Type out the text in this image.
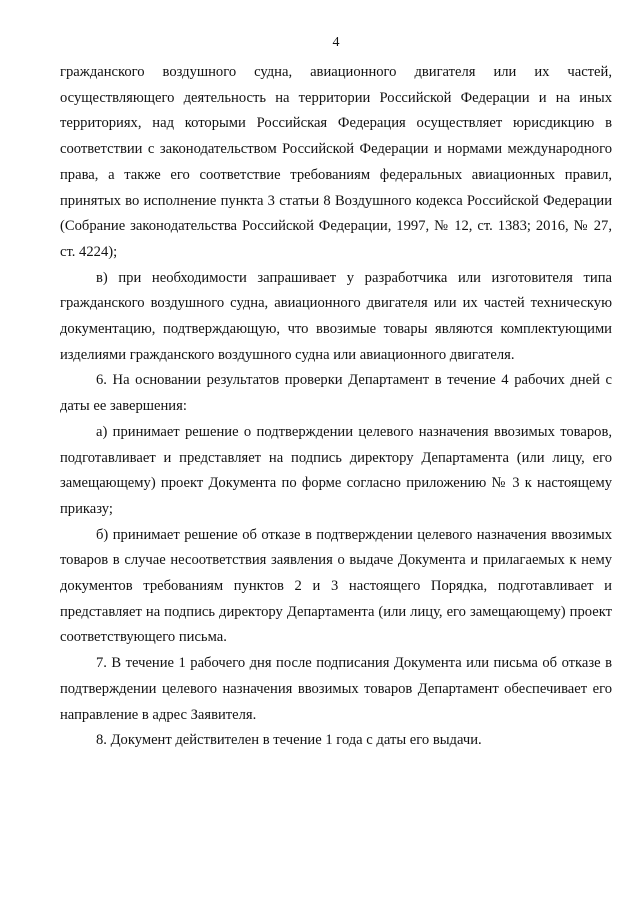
4

гражданского воздушного судна, авиационного двигателя или их частей, осуществляющего деятельность на территории Российской Федерации и на иных территориях, над которыми Российская Федерация осуществляет юрисдикцию в соответствии с законодательством Российской Федерации и нормами международного права, а также его соответствие требованиям федеральных авиационных правил, принятых во исполнение пункта 3 статьи 8 Воздушного кодекса Российской Федерации (Собрание законодательства Российской Федерации, 1997, № 12, ст. 1383; 2016, № 27, ст. 4224);

в) при необходимости запрашивает у разработчика или изготовителя типа гражданского воздушного судна, авиационного двигателя или их частей техническую документацию, подтверждающую, что ввозимые товары являются комплектующими изделиями гражданского воздушного судна или авиационного двигателя.

6. На основании результатов проверки Департамент в течение 4 рабочих дней с даты ее завершения:

а) принимает решение о подтверждении целевого назначения ввозимых товаров, подготавливает и представляет на подпись директору Департамента (или лицу, его замещающему) проект Документа по форме согласно приложению № 3 к настоящему приказу;

б) принимает решение об отказе в подтверждении целевого назначения ввозимых товаров в случае несоответствия заявления о выдаче Документа и прилагаемых к нему документов требованиям пунктов 2 и 3 настоящего Порядка, подготавливает и представляет на подпись директору Департамента (или лицу, его замещающему) проект соответствующего письма.

7. В течение 1 рабочего дня после подписания Документа или письма об отказе в подтверждении целевого назначения ввозимых товаров Департамент обеспечивает его направление в адрес Заявителя.

8. Документ действителен в течение 1 года с даты его выдачи.
